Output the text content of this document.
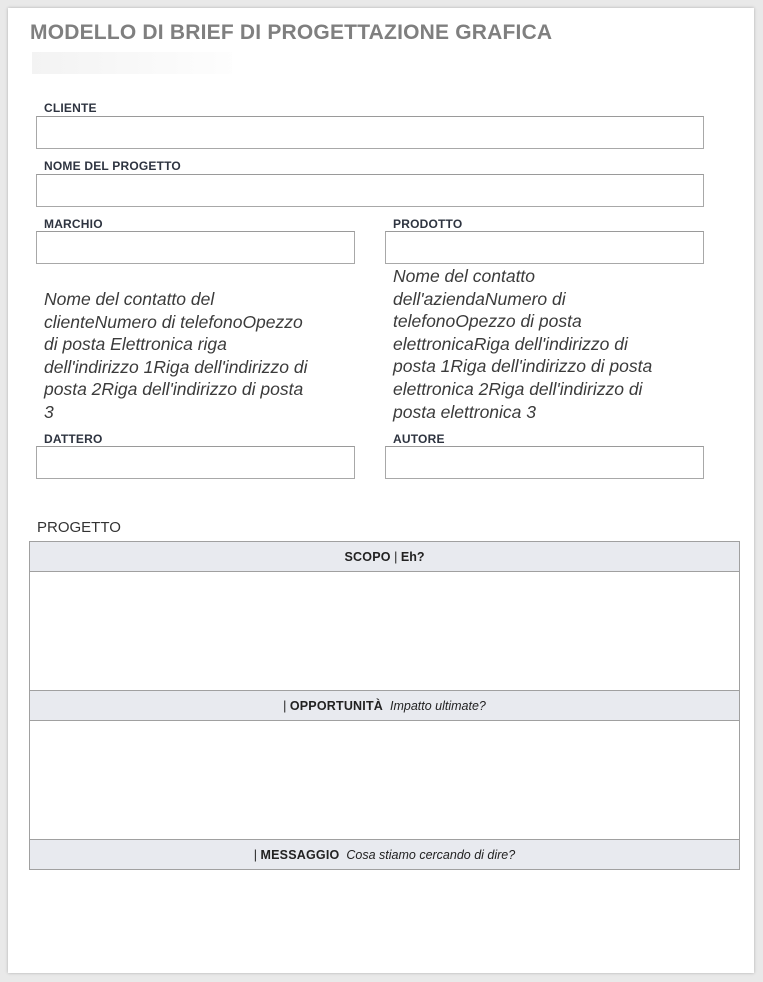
MODELLO DI BRIEF DI PROGETTAZIONE GRAFICA
CLIENTE
NOME DEL PROGETTO
MARCHIO	PRODOTTO
Nome del contatto del
clienteNumero di telefonoOpezzo
di posta Elettronica riga
dell'indirizzo 1Riga dell'indirizzo di
posta 2Riga dell'indirizzo di posta
3
Nome del contatto
dell'aziendaNumero di
telefonoOpezzo di posta
elettronicaRiga dell'indirizzo di
posta 1Riga dell'indirizzo di posta
elettronica 2Riga dell'indirizzo di
posta elettronica 3
DATTERO	AUTORE
PROGETTO
SCOPO | Eh?
| OPPORTUNITÀ
Impatto ultimate?
| MESSAGGIO
Cosa stiamo cercando di dire?
